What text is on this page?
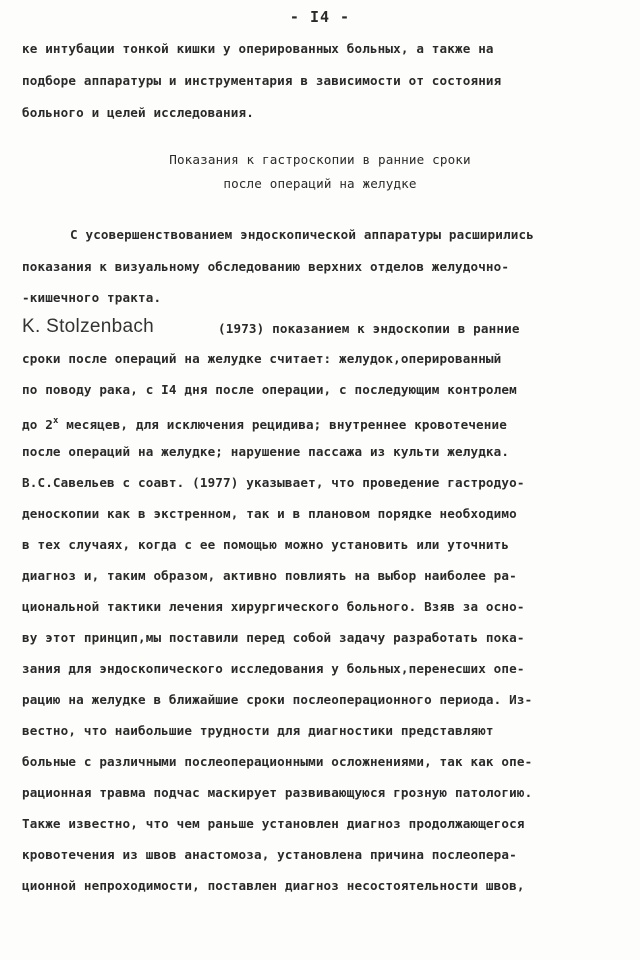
- I4 -
ке интубации тонкой кишки у оперированных больных, а также на
подборе аппаратуры и инструментария в зависимости от состояния
больного и целей исследования.
Показания к гастроскопии в ранние сроки
после операций на желудке
С усовершенствованием эндоскопической аппаратуры расширились
показания к визуальному обследованию верхних отделов желудочно-
-кишечного тракта.
K. Stolzenbach	(1973) показанием к эндоскопии в ранние
сроки после операций на желудке считает: желудок,оперированный
по поводу рака, с I4 дня после операции, с последующим контролем
до $2^х$ месяцев, для исключения рецидива; внутреннее кровотечение
после операций на желудке; нарушение пассажа из культи желудка.
В.С.Савельев с соавт. (1977) указывает, что проведение гастродуо-
деноскопии как в экстренном, так и в плановом порядке необходимо
в тех случаях, когда с ее помощью можно установить или уточнить
диагноз и, таким образом, активно повлиять на выбор наиболее ра-
циональной тактики лечения хирургического больного. Взяв за осно-
ву этот принцип,мы поставили перед собой задачу разработать пока-
зания для эндоскопического исследования у больных,перенесших опе-
рацию на желудке в ближайшие сроки послеоперационного периода. Из-
вестно, что наибольшие трудности для диагностики представляют
больные с различными послеоперационными осложнениями, так как опе-
рационная травма подчас маскирует развивающуюся грозную патологию.
Также известно, что чем раньше установлен диагноз продолжающегося
кровотечения из швов анастомоза, установлена причина послеопера-
ционной непроходимости, поставлен диагноз несостоятельности швов,
